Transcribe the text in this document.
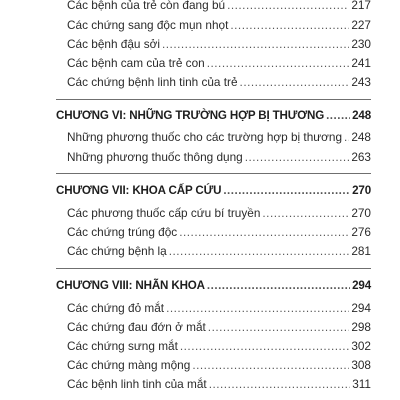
Các bệnh của trẻ còn đang bú .....	217
Các chứng sang độc mụn nhọt .....	227
Các bệnh đậu sởi .....	230
Các bệnh cam của trẻ con .....	241
Các chứng bệnh linh tinh của trẻ .....	243
CHƯƠNG VI: NHỮNG TRƯỜNG HỢP BỊ THƯƠNG ..... 248
Những phương thuốc cho các trường hợp bị thương ..... 248
Những phương thuốc thông dụng .....	263
CHƯƠNG VII: KHOA CẤP CỨU .....	270
Các phương thuốc cấp cứu bí truyền .....	270
Các chứng trúng độc .....	276
Các chứng bệnh lạ .....	281
CHƯƠNG VIII: NHÃN KHOA .....	294
Các chứng đỏ mắt .....	294
Các chứng đau đớn ở mắt .....	298
Các chứng sưng mắt .....	302
Các chứng màng mộng .....	308
Các bệnh linh tinh của mắt .....	311
